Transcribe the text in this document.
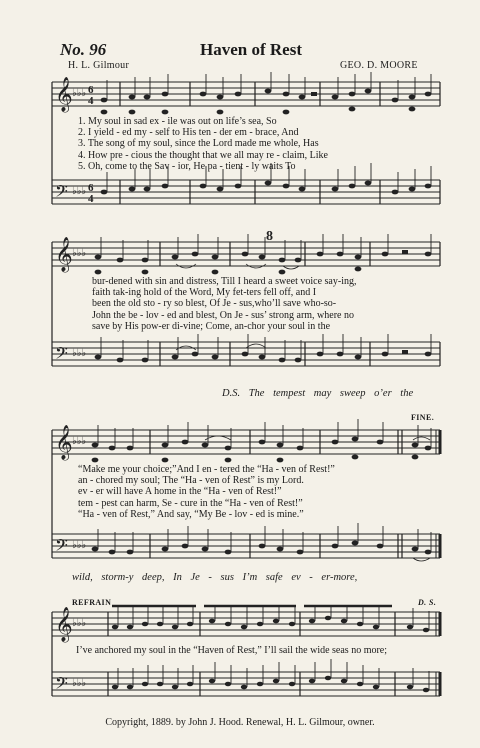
No. 96	Haven of Rest
H. L. Gilmour	GEO. D. MOORE
𝄞
𝄢
♭♭♭
♭♭♭
6
4
6
4
1. My soul in sad ex - ile was out on life’s sea, So
2. I yield - ed my - self to His ten - der em - brace, And
3. The song of my soul, since the Lord made me whole, Has
4. How pre - cious the thought that we all may re - claim, Like
5. Oh, come to the Sav - ior, He pa - tient - ly waits To
𝄞
𝄢
♭♭♭
♭♭♭
8
bur-dened with sin and distress, Till I heard a sweet voice say-ing,
faith tak-ing hold of the Word, My fet-ters fell off, and I
been the old sto - ry so blest, Of Je - sus,who’ll save who-so-
John the be - lov - ed and blest, On Je - sus’ strong arm, where no
save by His pow-er di-vine; Come, an-chor your soul in the
D.S. The tempest may sweep o’er the
𝄞
𝄢
♭♭♭
♭♭♭
FINE.
“Make me your choice;”And I en - tered the “Ha - ven of Rest!”
an - chored my soul; The “Ha - ven of Rest” is my Lord.
ev - er will have A home in the “Ha - ven of Rest!”
tem - pest can harm, Se - cure in the “Ha - ven of Rest!”
“Ha - ven of Rest,” And say, “My Be - lov - ed is mine.”
wild, storm-y deep, In Je - sus I’m safe ev - er-more,
REFRAIN	D. S.
𝄞
𝄢
♭♭♭
♭♭♭
I’ve anchored my soul in the “Haven of Rest,” I’ll sail the wide seas no more;
Copyright, 1889. by John J. Hood. Renewal, H. L. Gilmour, owner.
